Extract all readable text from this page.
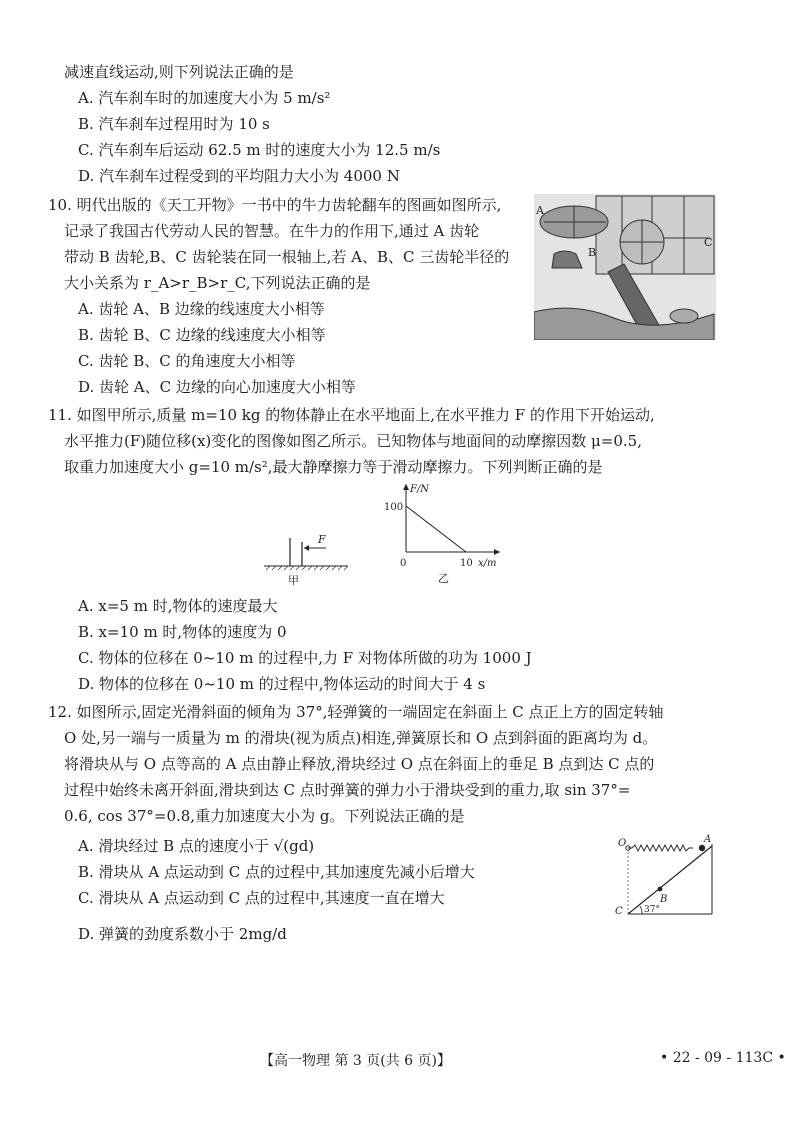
减速直线运动,则下列说法正确的是
A. 汽车刹车时的加速度大小为 5 m/s²
B. 汽车刹车过程用时为 10 s
C. 汽车刹车后运动 62.5 m 时的速度大小为 12.5 m/s
D. 汽车刹车过程受到的平均阻力大小为 4000 N
10. 明代出版的《天工开物》一书中的牛力齿轮翻车的图画如图所示,
记录了我国古代劳动人民的智慧。在牛力的作用下,通过 A 齿轮
带动 B 齿轮,B、C 齿轮装在同一根轴上,若 A、B、C 三齿轮半径的
大小关系为 r_A>r_B>r_C,下列说法正确的是
A. 齿轮 A、B 边缘的线速度大小相等
B. 齿轮 B、C 边缘的线速度大小相等
C. 齿轮 B、C 的角速度大小相等
D. 齿轮 A、C 边缘的向心加速度大小相等
A
B
C
11. 如图甲所示,质量 m=10 kg 的物体静止在水平地面上,在水平推力 F 的作用下开始运动,
水平推力(F)随位移(x)变化的图像如图乙所示。已知物体与地面间的动摩擦因数 μ=0.5,
取重力加速度大小 g=10 m/s²,最大静摩擦力等于滑动摩擦力。下列判断正确的是
F
甲
F/N
100
0	10 x/m
乙
A. x=5 m 时,物体的速度最大
B. x=10 m 时,物体的速度为 0
C. 物体的位移在 0~10 m 的过程中,力 F 对物体所做的功为 1000 J
D. 物体的位移在 0~10 m 的过程中,物体运动的时间大于 4 s
12. 如图所示,固定光滑斜面的倾角为 37°,轻弹簧的一端固定在斜面上 C 点正上方的固定转轴
O 处,另一端与一质量为 m 的滑块(视为质点)相连,弹簧原长和 O 点到斜面的距离均为 d。
将滑块从与 O 点等高的 A 点由静止释放,滑块经过 O 点在斜面上的垂足 B 点到达 C 点的
过程中始终未离开斜面,滑块到达 C 点时弹簧的弹力小于滑块受到的重力,取 sin 37°=
0.6, cos 37°=0.8,重力加速度大小为 g。下列说法正确的是
A. 滑块经过 B 点的速度小于 √(gd)
B. 滑块从 A 点运动到 C 点的过程中,其加速度先减小后增大
C. 滑块从 A 点运动到 C 点的过程中,其速度一直在增大
D. 弹簧的劲度系数小于 2mg/d
O	A
B
C 37°
【高一物理 第 3 页(共 6 页)】	• 22 - 09 - 113C •
